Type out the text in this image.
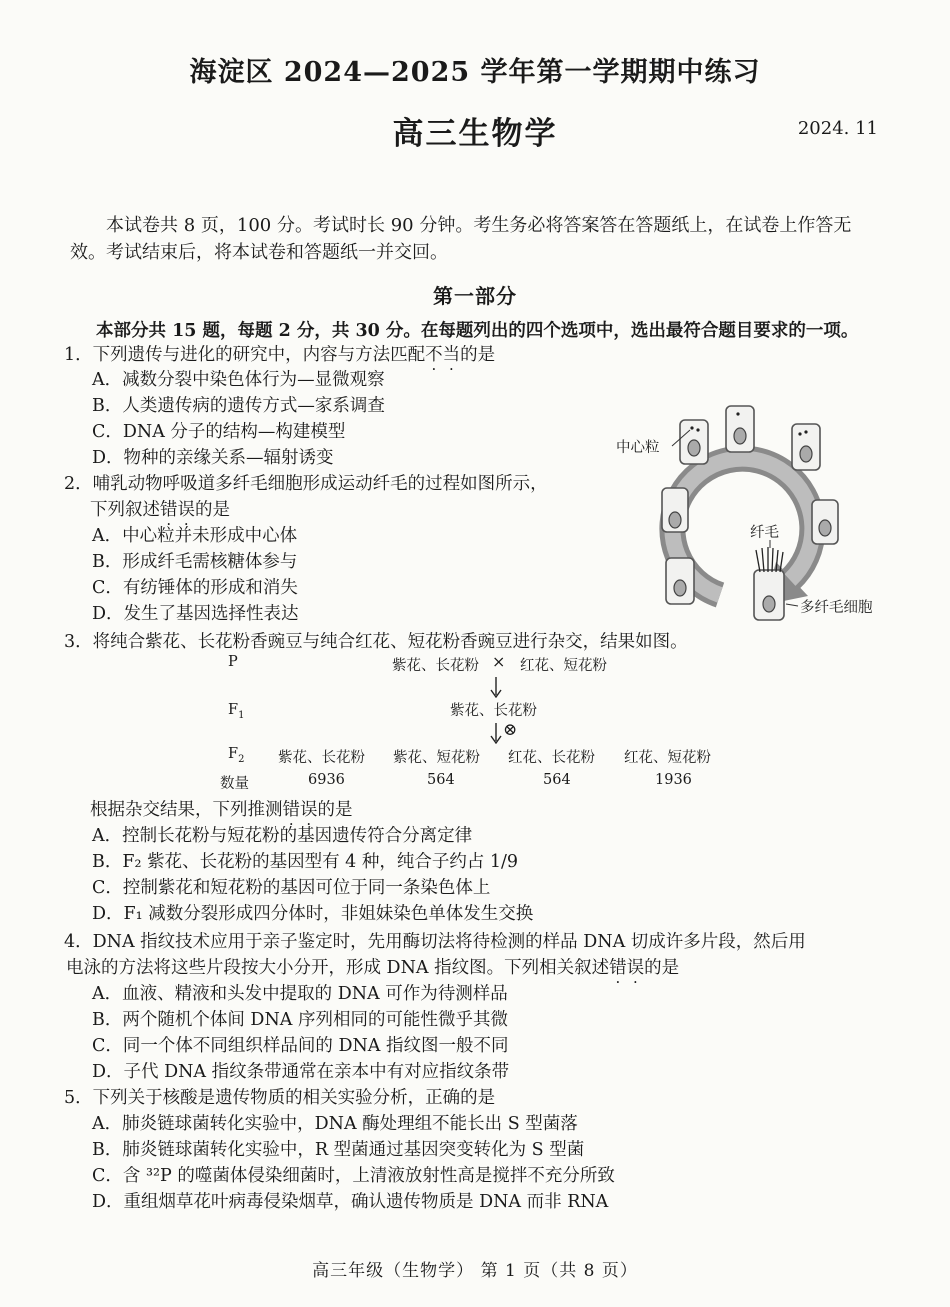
海淀区 2024—2025 学年第一学期期中练习
高三生物学	2024. 11
本试卷共 8 页，100 分。考试时长 90 分钟。考生务必将答案答在答题纸上，在试卷上作答无效。考试结束后，将本试卷和答题纸一并交回。
第一部分
本部分共 15 题，每题 2 分，共 30 分。在每题列出的四个选项中，选出最符合题目要求的一项。
1．下列遗传与进化的研究中，内容与方法匹配不当的是
A．减数分裂中染色体行为—显微观察
B．人类遗传病的遗传方式—家系调查
C．DNA 分子的结构—构建模型
D．物种的亲缘关系—辐射诱变
2．哺乳动物呼吸道多纤毛细胞形成运动纤毛的过程如图所示，
下列叙述错误的是
A．中心粒并未形成中心体
B．形成纤毛需核糖体参与
C．有纺锤体的形成和消失
D．发生了基因选择性表达
中心粒
纤毛
多纤毛细胞
3．将纯合紫花、长花粉香豌豆与纯合红花、短花粉香豌豆进行杂交，结果如图。
P	紫花、长花粉 × 红花、短花粉
$F_1$	紫花、长花粉
⊗
$F_2$ 紫花、长花粉 紫花、短花粉 红花、长花粉 红花、短花粉
数量	6936	564	564	1936
根据杂交结果，下列推测错误的是
A．控制长花粉与短花粉的基因遗传符合分离定律
B．F₂ 紫花、长花粉的基因型有 4 种，纯合子约占 1/9
C．控制紫花和短花粉的基因可位于同一条染色体上
D．F₁ 减数分裂形成四分体时，非姐妹染色单体发生交换
4．DNA 指纹技术应用于亲子鉴定时，先用酶切法将待检测的样品 DNA 切成许多片段，然后用
电泳的方法将这些片段按大小分开，形成 DNA 指纹图。下列相关叙述错误的是
A．血液、精液和头发中提取的 DNA 可作为待测样品
B．两个随机个体间 DNA 序列相同的可能性微乎其微
C．同一个体不同组织样品间的 DNA 指纹图一般不同
D．子代 DNA 指纹条带通常在亲本中有对应指纹条带
5．下列关于核酸是遗传物质的相关实验分析，正确的是
A．肺炎链球菌转化实验中，DNA 酶处理组不能长出 S 型菌落
B．肺炎链球菌转化实验中，R 型菌通过基因突变转化为 S 型菌
C．含 ³²P 的噬菌体侵染细菌时，上清液放射性高是搅拌不充分所致
D．重组烟草花叶病毒侵染烟草，确认遗传物质是 DNA 而非 RNA
高三年级（生物学） 第 1 页（共 8 页）
